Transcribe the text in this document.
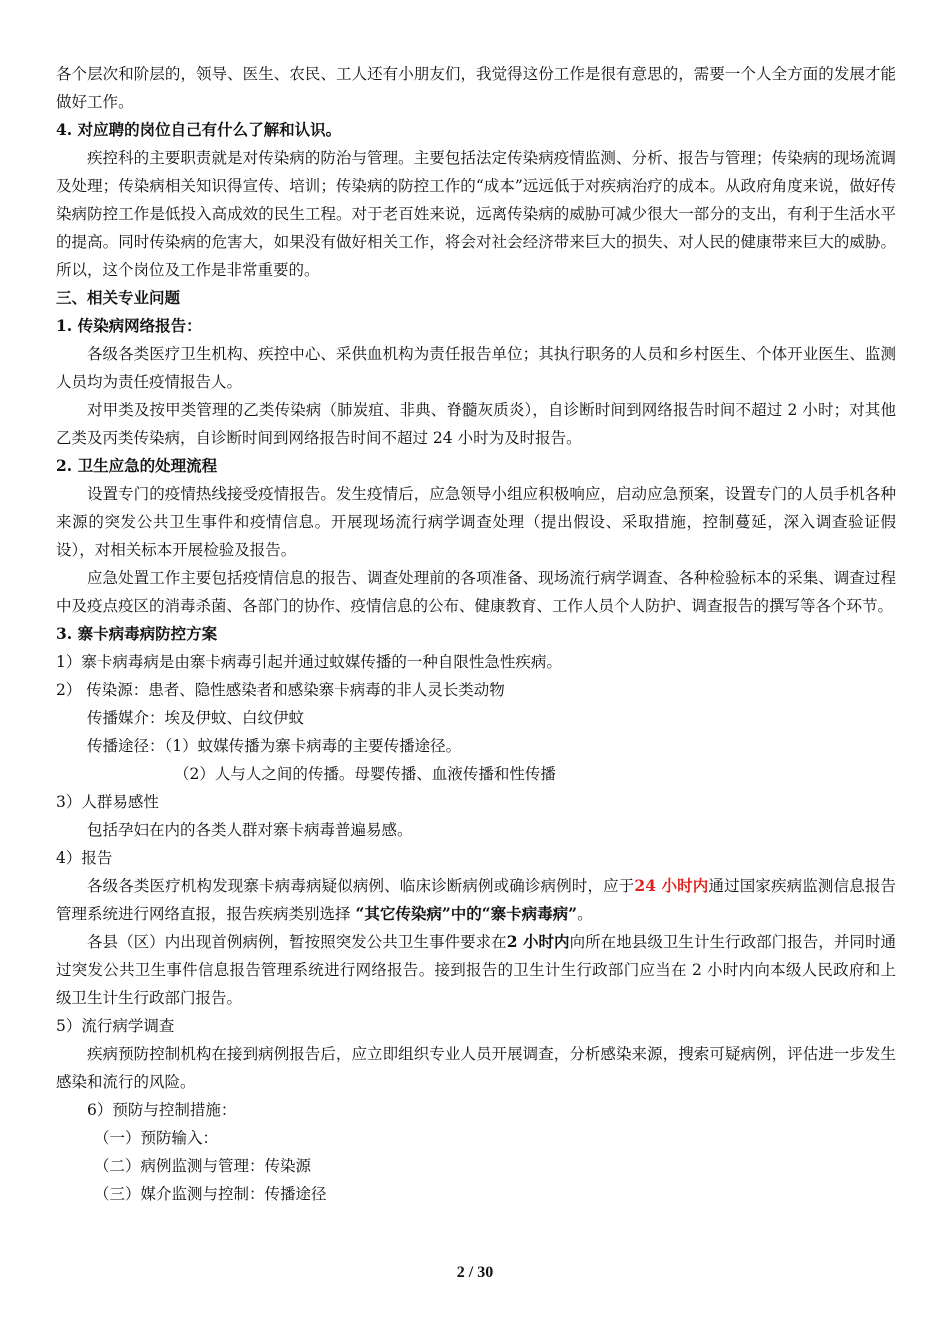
各个层次和阶层的，领导、医生、农民、工人还有小朋友们，我觉得这份工作是很有意思的，需要一个人全方面的发展才能做好工作。
4. 对应聘的岗位自己有什么了解和认识。
疾控科的主要职责就是对传染病的防治与管理。主要包括法定传染病疫情监测、分析、报告与管理；传染病的现场流调及处理；传染病相关知识得宣传、培训；传染病的防控工作的“成本”远远低于对疾病治疗的成本。从政府角度来说，做好传染病防控工作是低投入高成效的民生工程。对于老百姓来说，远离传染病的威胁可减少很大一部分的支出，有利于生活水平的提高。同时传染病的危害大，如果没有做好相关工作，将会对社会经济带来巨大的损失、对人民的健康带来巨大的威胁。所以，这个岗位及工作是非常重要的。
三、相关专业问题
1. 传染病网络报告：
各级各类医疗卫生机构、疾控中心、采供血机构为责任报告单位；其执行职务的人员和乡村医生、个体开业医生、监测人员均为责任疫情报告人。
对甲类及按甲类管理的乙类传染病（肺炭疽、非典、脊髓灰质炎），自诊断时间到网络报告时间不超过 2 小时；对其他乙类及丙类传染病，自诊断时间到网络报告时间不超过 24 小时为及时报告。
2. 卫生应急的处理流程
设置专门的疫情热线接受疫情报告。发生疫情后，应急领导小组应积极响应，启动应急预案，设置专门的人员手机各种来源的突发公共卫生事件和疫情信息。开展现场流行病学调查处理（提出假设、采取措施，控制蔓延，深入调查验证假设），对相关标本开展检验及报告。
应急处置工作主要包括疫情信息的报告、调查处理前的各项准备、现场流行病学调查、各种检验标本的采集、调查过程中及疫点疫区的消毒杀菌、各部门的协作、疫情信息的公布、健康教育、工作人员个人防护、调查报告的撰写等各个环节。
3. 寨卡病毒病防控方案
1）寨卡病毒病是由寨卡病毒引起并通过蚊媒传播的一种自限性急性疾病。
2） 传染源：患者、隐性感染者和感染寨卡病毒的非人灵长类动物
传播媒介：埃及伊蚊、白纹伊蚊
传播途径：（1）蚊媒传播为寨卡病毒的主要传播途径。
（2）人与人之间的传播。母婴传播、血液传播和性传播
3）人群易感性
包括孕妇在内的各类人群对寨卡病毒普遍易感。
4）报告
各级各类医疗机构发现寨卡病毒病疑似病例、临床诊断病例或确诊病例时，应于24 小时内通过国家疾病监测信息报告管理系统进行网络直报，报告疾病类别选择 “其它传染病”中的“寨卡病毒病”。
各县（区）内出现首例病例，暂按照突发公共卫生事件要求在2 小时内向所在地县级卫生计生行政部门报告，并同时通过突发公共卫生事件信息报告管理系统进行网络报告。接到报告的卫生计生行政部门应当在 2 小时内向本级人民政府和上级卫生计生行政部门报告。
5）流行病学调查
疾病预防控制机构在接到病例报告后，应立即组织专业人员开展调查，分析感染来源，搜索可疑病例，评估进一步发生感染和流行的风险。
6）预防与控制措施：
（一）预防输入：
（二）病例监测与管理：传染源
（三）媒介监测与控制：传播途径
2 / 30
